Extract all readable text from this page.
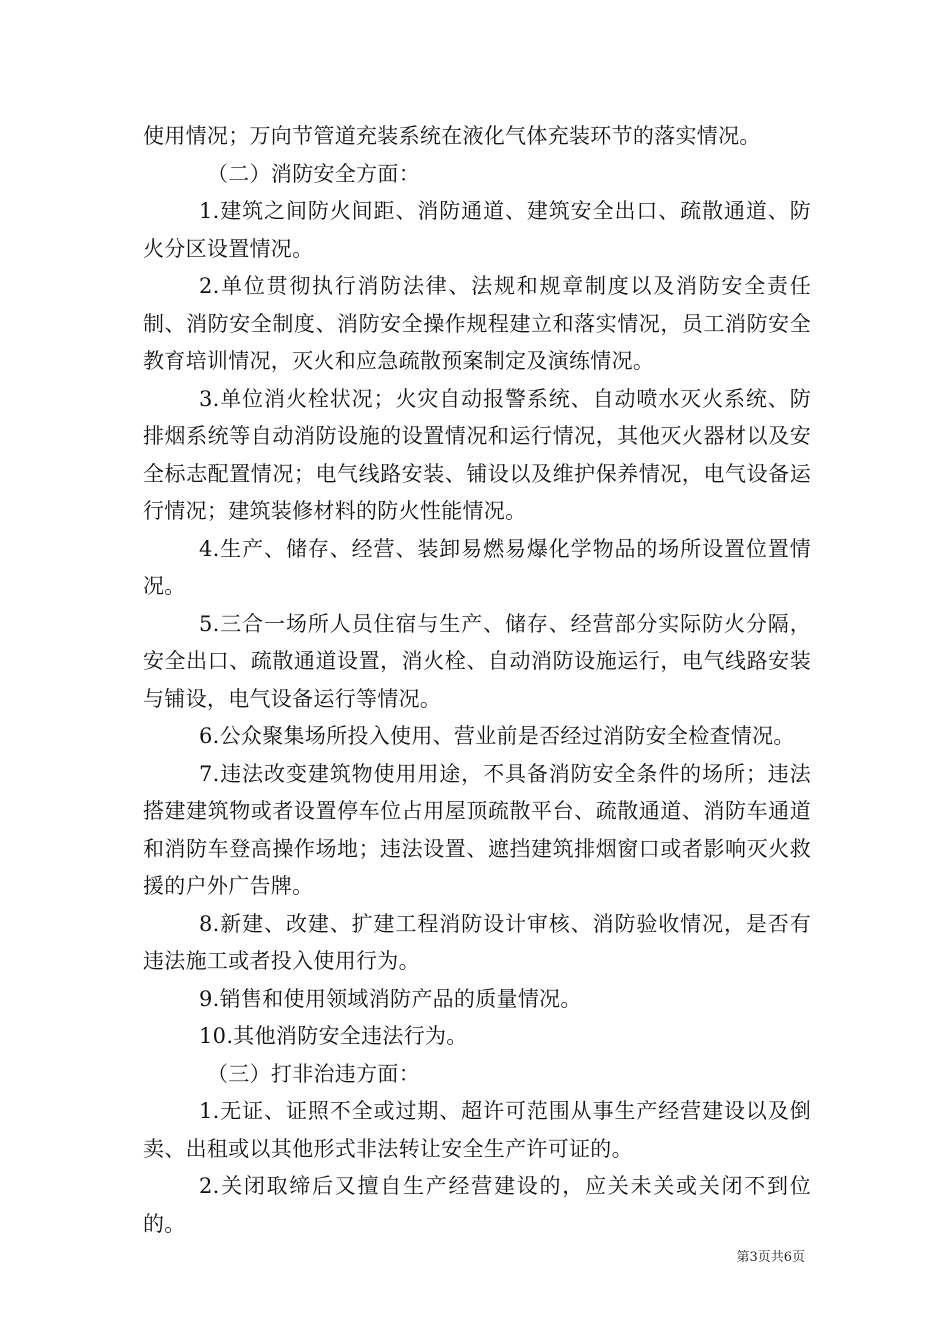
使用情况；万向节管道充装系统在液化气体充装环节的落实情况。

（二）消防安全方面：

1.建筑之间防火间距、消防通道、建筑安全出口、疏散通道、防火分区设置情况。

2.单位贯彻执行消防法律、法规和规章制度以及消防安全责任制、消防安全制度、消防安全操作规程建立和落实情况，员工消防安全教育培训情况，灭火和应急疏散预案制定及演练情况。

3.单位消火栓状况；火灾自动报警系统、自动喷水灭火系统、防排烟系统等自动消防设施的设置情况和运行情况，其他灭火器材以及安全标志配置情况；电气线路安装、铺设以及维护保养情况，电气设备运行情况；建筑装修材料的防火性能情况。

4.生产、储存、经营、装卸易燃易爆化学物品的场所设置位置情况。

5.三合一场所人员住宿与生产、储存、经营部分实际防火分隔，安全出口、疏散通道设置，消火栓、自动消防设施运行，电气线路安装与铺设，电气设备运行等情况。

6.公众聚集场所投入使用、营业前是否经过消防安全检查情况。

7.违法改变建筑物使用用途，不具备消防安全条件的场所；违法搭建建筑物或者设置停车位占用屋顶疏散平台、疏散通道、消防车通道和消防车登高操作场地；违法设置、遮挡建筑排烟窗口或者影响灭火救援的户外广告牌。

8.新建、改建、扩建工程消防设计审核、消防验收情况，是否有违法施工或者投入使用行为。

9.销售和使用领域消防产品的质量情况。

10.其他消防安全违法行为。

（三）打非治违方面：

1.无证、证照不全或过期、超许可范围从事生产经营建设以及倒卖、出租或以其他形式非法转让安全生产许可证的。

2.关闭取缔后又擅自生产经营建设的，应关未关或关闭不到位的。

第3页共6页
